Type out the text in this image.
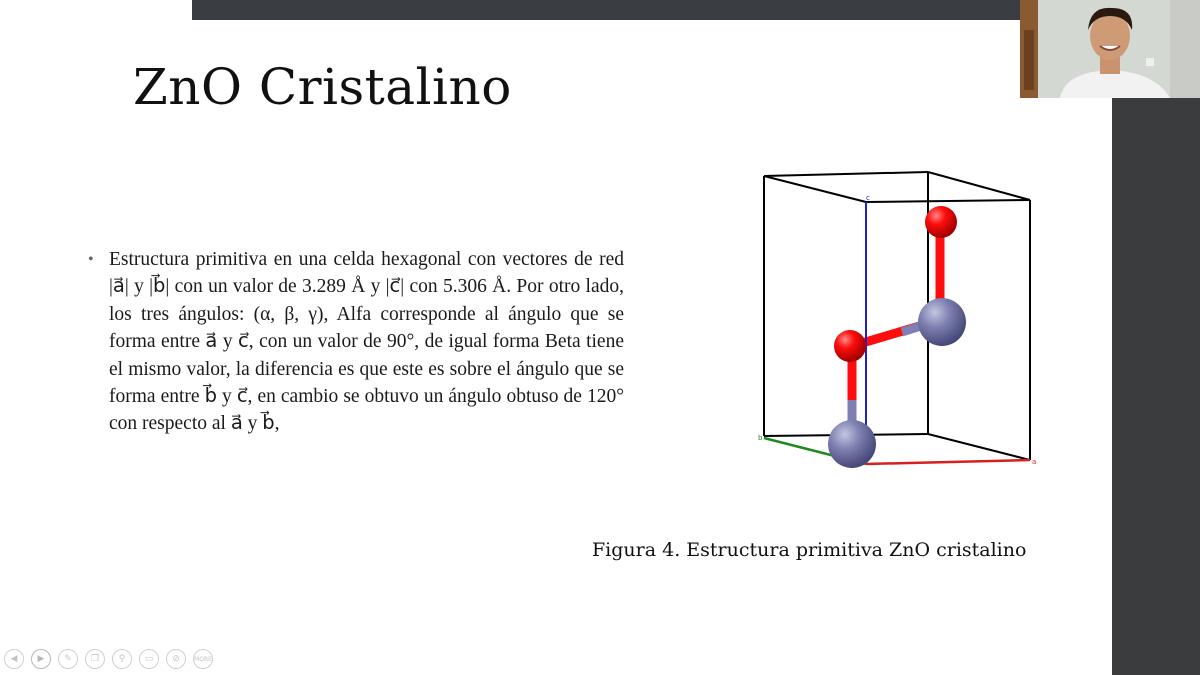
ZnO Cristalino
• Estructura primitiva en una celda hexagonal con vectores de red |a⃗| y |b⃗| con un valor de 3.289 Å y |c⃗| con 5.306 Å. Por otro lado, los tres ángulos: (α, β, γ), Alfa corresponde al ángulo que se forma entre a⃗ y c⃗, con un valor de 90°, de igual forma Beta tiene el mismo valor, la diferencia es que este es sobre el ángulo que se forma entre b⃗ y c⃗, en cambio se obtuvo un ángulo obtuso de 120° con respecto al a⃗ y b⃗,
c
a
b
Figura 4. Estructura primitiva ZnO cristalino
◀	▶	✎	❐	⚲	▭	⊘	MORE
